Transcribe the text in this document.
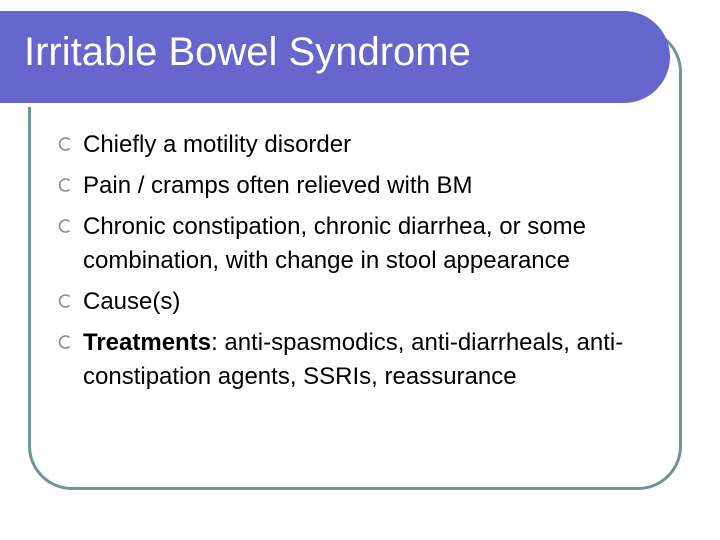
Irritable Bowel Syndrome
Chiefly a motility disorder
Pain / cramps often relieved with BM
Chronic constipation, chronic diarrhea, or some combination, with change in stool appearance
Cause(s)
Treatments: anti-spasmodics, anti-diarrheals, anti-constipation agents, SSRIs, reassurance
